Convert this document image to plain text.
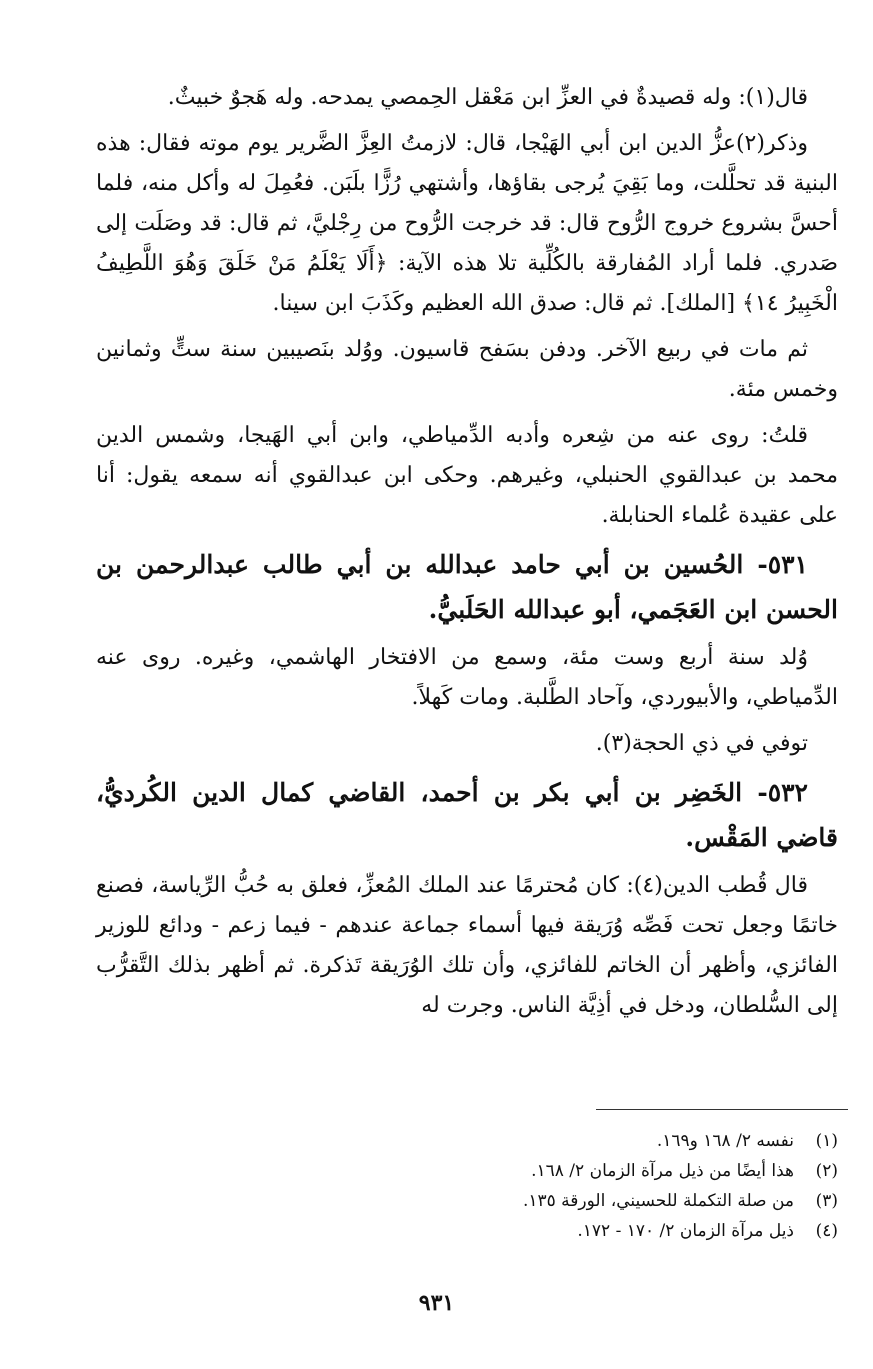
قال(١): وله قصيدةٌ في العزِّ ابن مَعْقل الحِمصي يمدحه. وله هَجوٌ خبيثٌ.

وذكر(٢)عزُّ الدين ابن أبي الهَيْجا، قال: لازمتُ العِزَّ الضَّرير يوم موته فقال: هذه البنية قد تحلَّلت، وما بَقِيَ يُرجى بقاؤها، وأشتهي رُزًّا بلَبَن. فعُمِلَ له وأكل منه، فلما أحسَّ بشروع خروج الرُّوح قال: قد خرجت الرُّوح من رِجْليَّ، ثم قال: قد وصَلَت إلى صَدري. فلما أراد المُفارقة بالكُلِّية تلا هذه الآية: ﴿أَلَا يَعْلَمُ مَنْ خَلَقَ وَهُوَ اللَّطِيفُ الْخَبِيرُ ١٤﴾ [الملك]. ثم قال: صدق الله العظيم وكَذَبَ ابن سينا.

ثم مات في ربيع الآخر. ودفن بسَفح قاسيون. ووُلد بنَصيبين سنة ستٍّ وثمانين وخمس مئة.

قلتُ: روى عنه من شِعره وأدبه الدِّمياطي، وابن أبي الهَيجا، وشمس الدين محمد بن عبدالقوي الحنبلي، وغيرهم. وحكى ابن عبدالقوي أنه سمعه يقول: أنا على عقيدة عُلماء الحنابلة.

٥٣١- الحُسين بن أبي حامد عبدالله بن أبي طالب عبدالرحمن بن الحسن ابن العَجَمي، أبو عبدالله الحَلَبيُّ.

وُلد سنة أربع وست مئة، وسمع من الافتخار الهاشمي، وغيره. روى عنه الدِّمياطي، والأبيوردي، وآحاد الطَّلبة. ومات كَهلاً.

توفي في ذي الحجة(٣).

٥٣٢- الخَضِر بن أبي بكر بن أحمد، القاضي كمال الدين الكُرديُّ، قاضي المَقْس.

قال قُطب الدين(٤): كان مُحترمًا عند الملك المُعزِّ، فعلق به حُبُّ الرِّياسة، فصنع خاتمًا وجعل تحت فَصِّه وُرَيقة فيها أسماء جماعة عندهم - فيما زعم - ودائع للوزير الفائزي، وأظهر أن الخاتم للفائزي، وأن تلك الوُرَيقة تَذكرة. ثم أظهر بذلك التَّقرُّب إلى السُّلطان، ودخل في أذِيَّة الناس. وجرت له

(١)نفسه ٢/ ١٦٨ و١٦٩.
(٢)هذا أيضًا من ذيل مرآة الزمان ٢/ ١٦٨.
(٣)من صلة التكملة للحسيني، الورقة ١٣٥.
(٤)ذيل مرآة الزمان ٢/ ١٧٠ - ١٧٢.
٩٣١
